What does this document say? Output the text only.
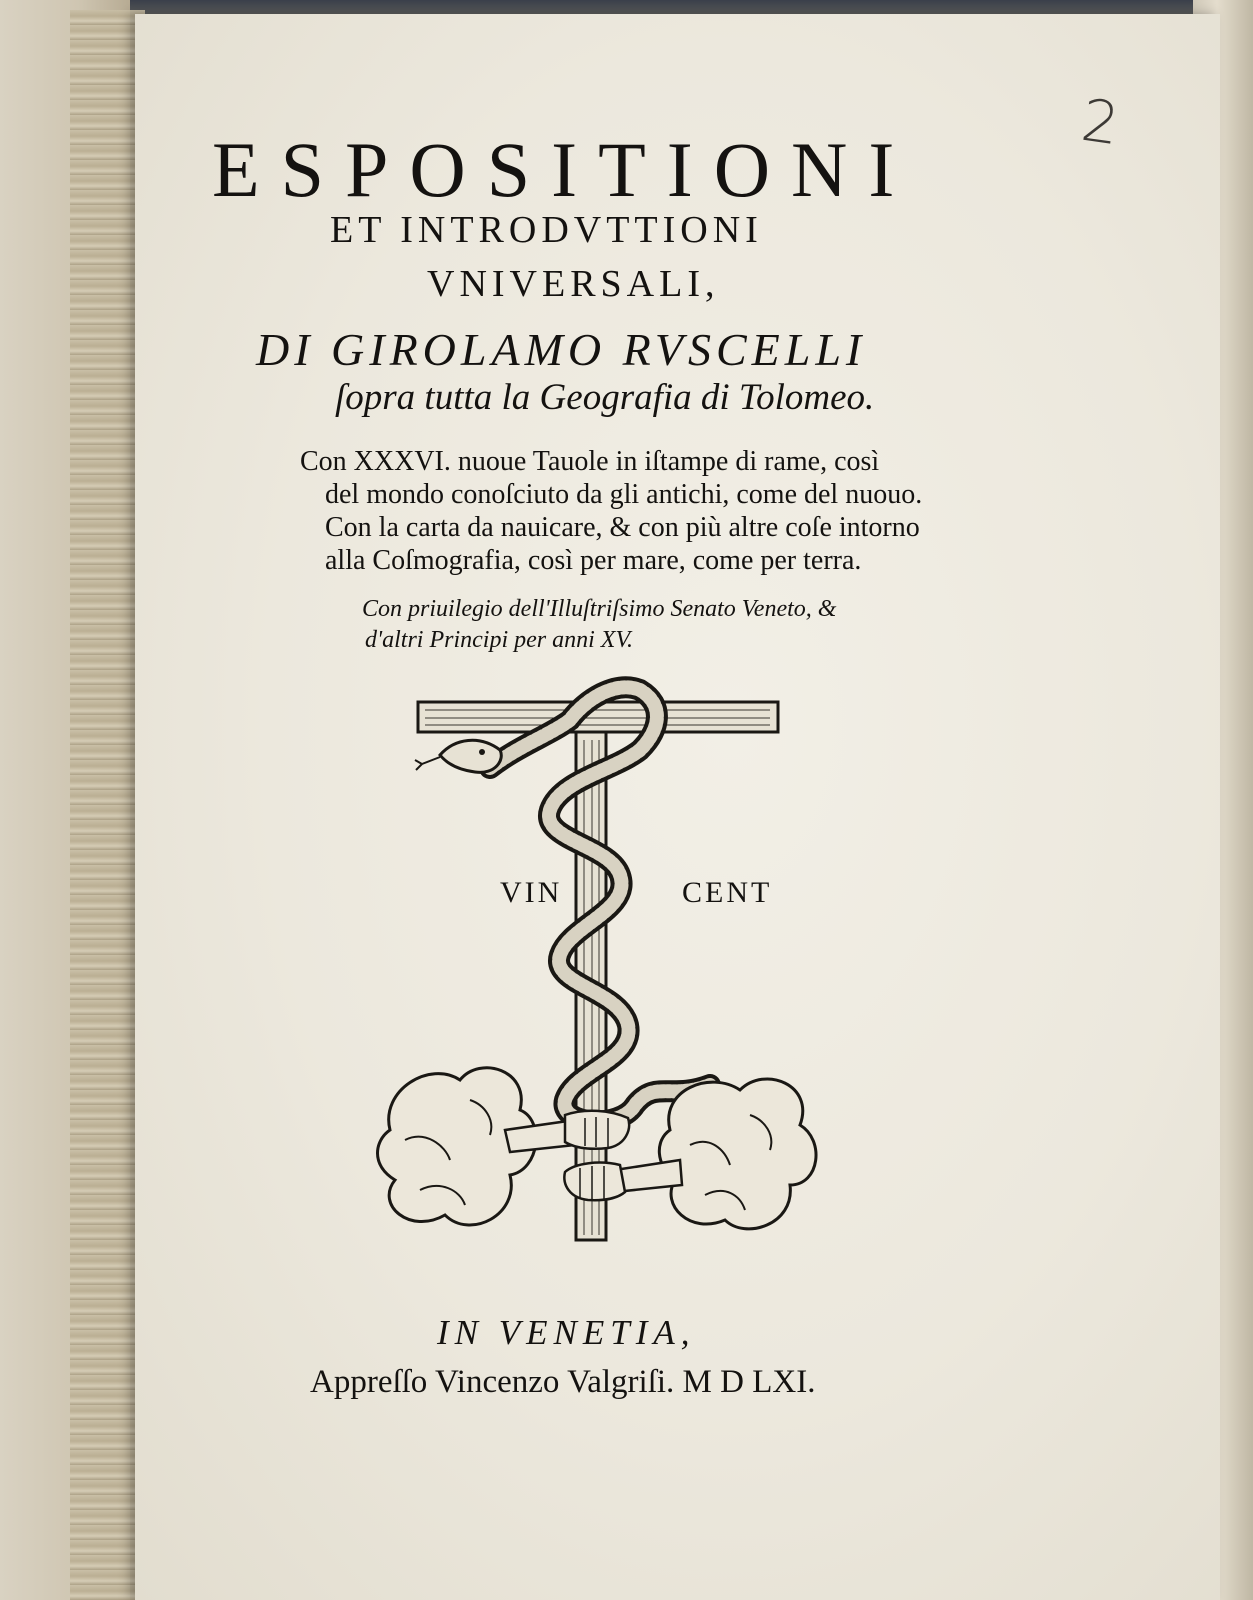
2
ESPOSITIONI
ET INTRODVTTIONI
VNIVERSALI,
DI GIROLAMO RVSCELLI
ſopra tutta la Geografia di Tolomeo.
Con XXXVI. nuoue Tauole in iſtampe di rame, così
del mondo conoſciuto da gli antichi, come del nuouo.
Con la carta da nauicare, & con più altre coſe intorno
alla Coſmografia, così per mare, come per terra.
Con priuilegio dell'Illuſtriſsimo Senato Veneto, &
d'altri Principi per anni XV.
VIN	CENT
IN VENETIA,
Appreſſo Vincenzo Valgriſi. M D LXI.
